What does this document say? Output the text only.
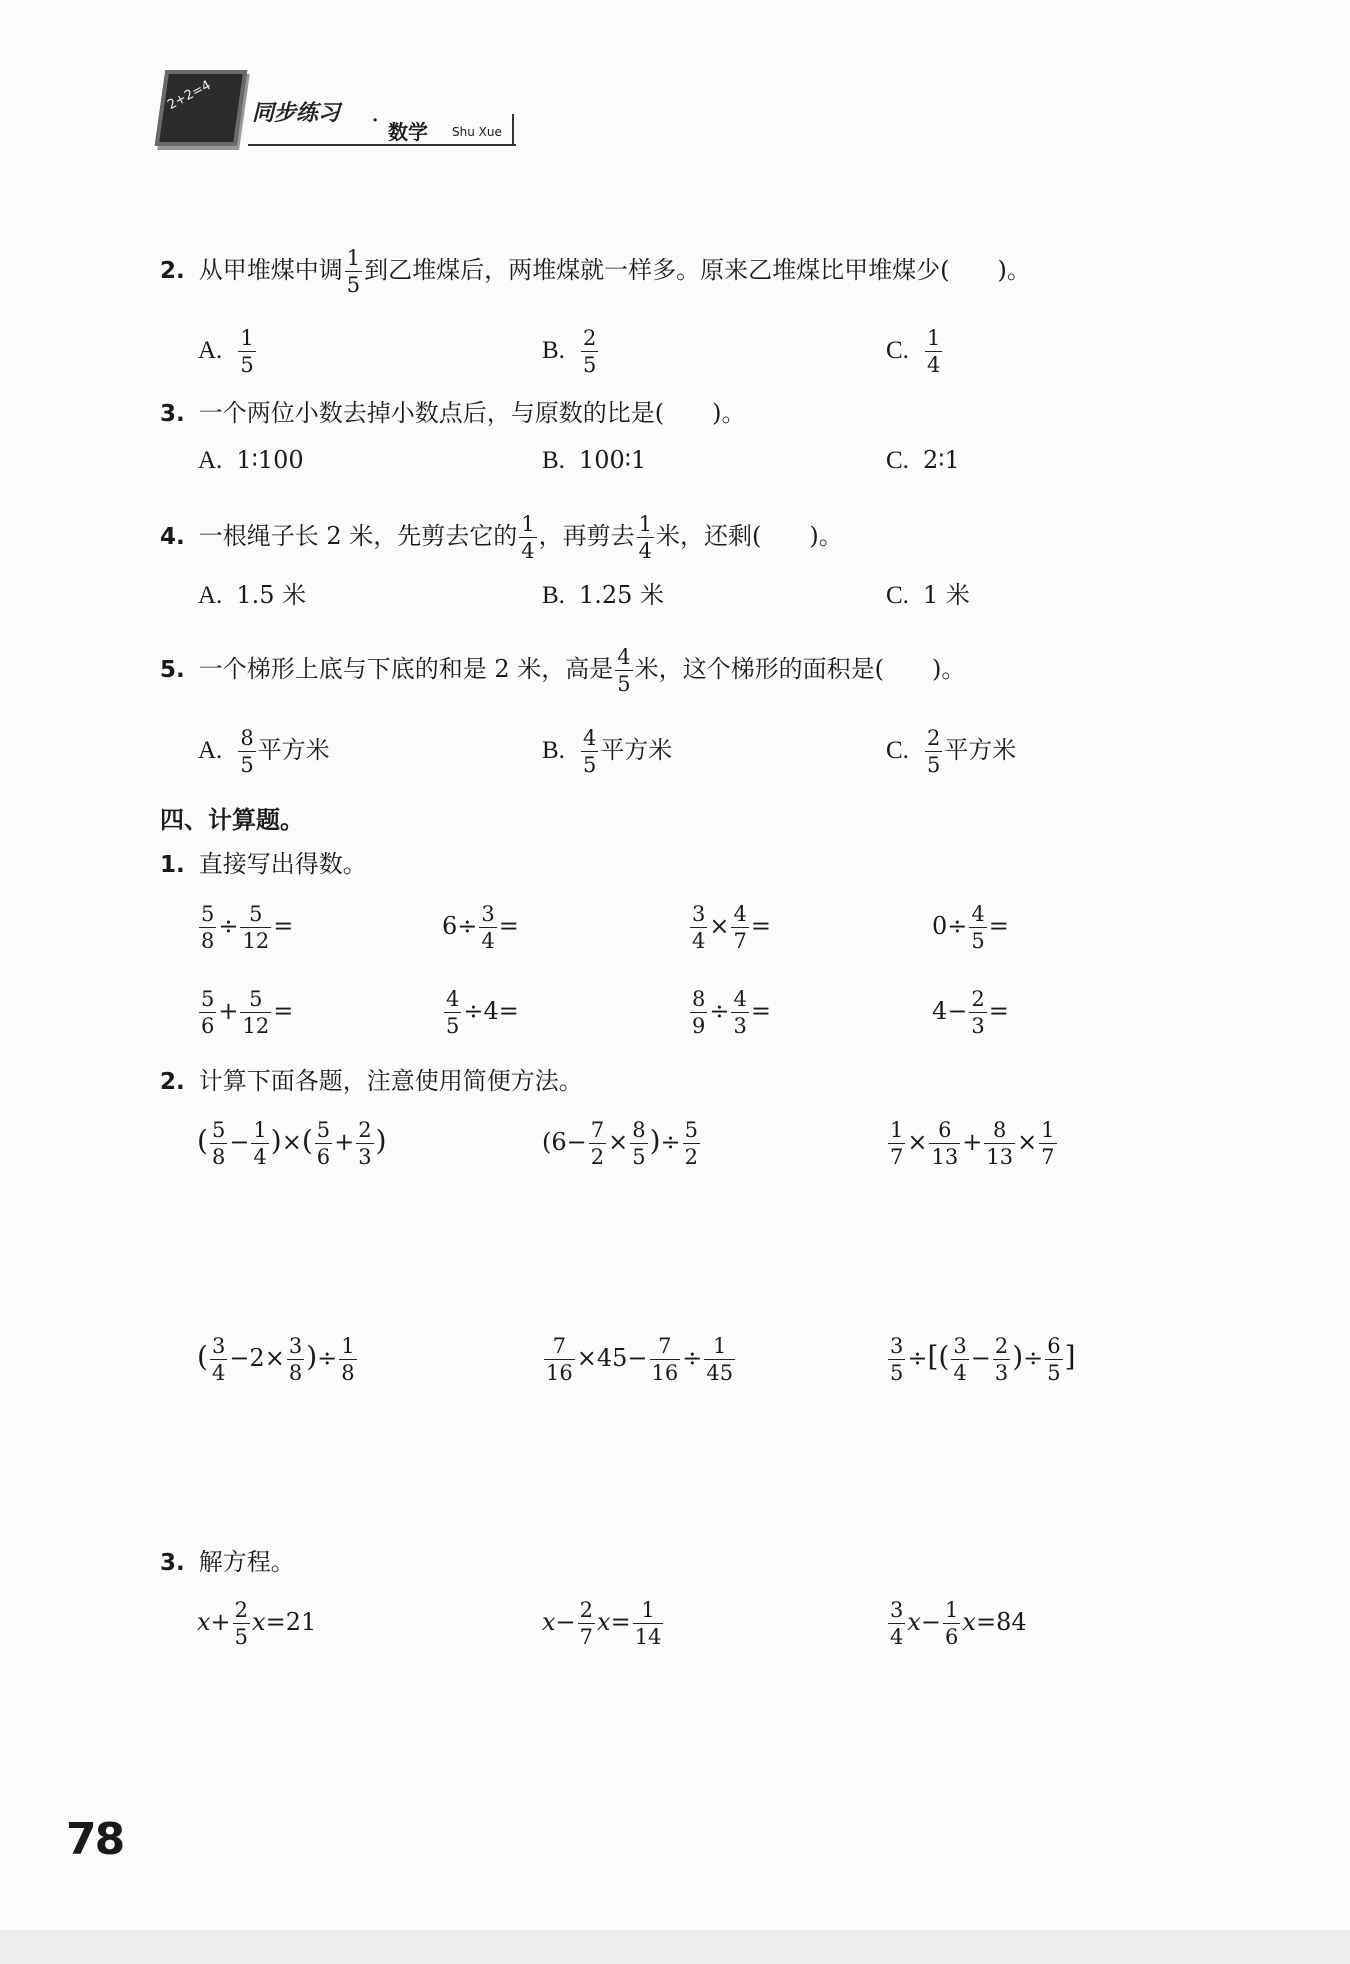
2+2=4
同步练习 · 数学 Shu Xue
2. 从甲堆煤中调 $\frac{1}{5}$ 到乙堆煤后，两堆煤就一样多。原来乙堆煤比甲堆煤少(　　)。
A. $\frac{1}{5}$	B. $\frac{2}{5}$	C. $\frac{1}{4}$
3. 一个两位小数去掉小数点后，与原数的比是(　　)。
A. 1∶100	B. 100∶1	C. 2∶1
4. 一根绳子长 2 米，先剪去它的 $\frac{1}{4}$ ，再剪去 $\frac{1}{4}$ 米，还剩(　　)。
A. 1.5 米	B. 1.25 米	C. 1 米
5. 一个梯形上底与下底的和是 2 米，高是 $\frac{4}{5}$ 米，这个梯形的面积是(　　)。
A. $\frac{8}{5}$ 平方米	B. $\frac{4}{5}$ 平方米	C. $\frac{2}{5}$ 平方米
四、计算题。
1. 直接写出得数。
$\frac{5}{8} \div \frac{5}{12}$ =	$6\div \frac{3}{4}$ =	$\frac{3}{4} \times \frac{4}{7}$ =	$0\div \frac{4}{5}$ =
$\frac{5}{6} + \frac{5}{12}$ =	$\frac{4}{5} \div 4=$	$\frac{8}{9} \div \frac{4}{3}$ =	$4- \frac{2}{3}$ =
2. 计算下面各题，注意使用简便方法。
( $\frac{5}{8} - \frac{1}{4}$ )×( $\frac{5}{6} + \frac{2}{3}$ )	($6- \frac{7}{2} \times \frac{8}{5}$ )÷ $\frac{5}{2}$	$\frac{1}{7} \times \frac{6}{13} + \frac{8}{13} \times \frac{1}{7}$
( $\frac{3}{4} -2\times \frac{3}{8}$ )÷ $\frac{1}{8}$	$\frac{7}{16} \times 45- \frac{7}{16} \div \frac{1}{45}$	$\frac{3}{5}$ ÷[( $\frac{3}{4} - \frac{2}{3}$ )÷ $\frac{6}{5}$ ]
3. 解方程。
$x+ \frac{2}{5} x=21$	$x- \frac{2}{7} x= \frac{1}{14}$	$\frac{3}{4} x- \frac{1}{6} x=84$
78
